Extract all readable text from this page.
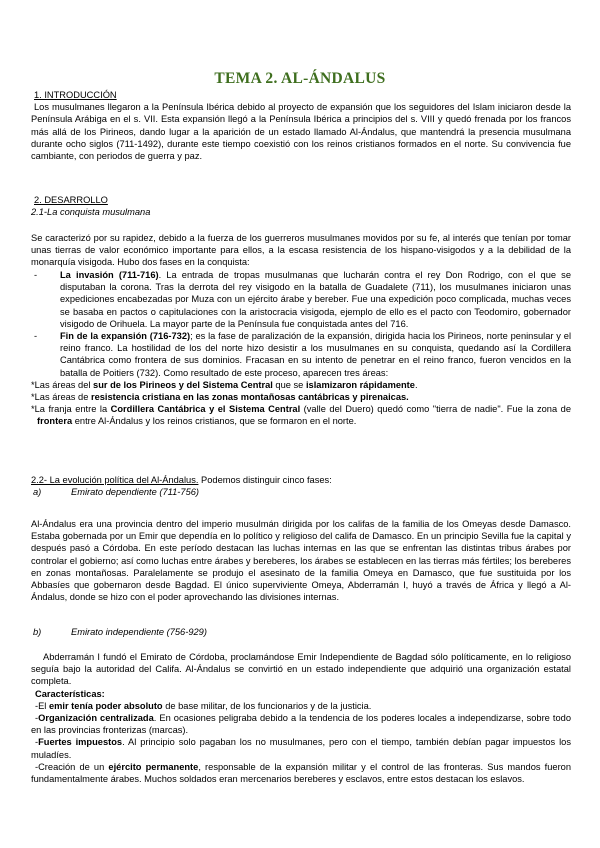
TEMA 2. AL-ÁNDALUS
1. INTRODUCCIÓN

Los musulmanes llegaron a la Península Ibérica debido al proyecto de expansión que los seguidores del Islam iniciaron desde la Península Arábiga en el s. VII. Esta expansión llegó a la Península Ibérica a principios del s. VIII y quedó frenada por los francos más allá de los Pirineos, dando lugar a la aparición de un estado llamado Al-Ándalus, que mantendrá la presencia musulmana durante ocho siglos (711-1492), durante este tiempo coexistió con los reinos cristianos formados en el norte. Su convivencia fue cambiante, con periodos de guerra y paz.

2. DESARROLLO
2.1-La conquista musulmana

Se caracterizó por su rapidez, debido a la fuerza de los guerreros musulmanes movidos por su fe, al interés que tenían por tomar unas tierras de valor económico importante para ellos, a la escasa resistencia de los hispano-visigodos y a la debilidad de la monarquía visigoda. Hubo dos fases en la conquista:

- La invasión (711-716). La entrada de tropas musulmanas que lucharán contra el rey Don Rodrigo, con el que se disputaban la corona. Tras la derrota del rey visigodo en la batalla de Guadalete (711), los musulmanes iniciaron unas expediciones encabezadas por Muza con un ejército árabe y bereber. Fue una expedición poco complicada, muchas veces se basaba en pactos o capitulaciones con la aristocracia visigoda, ejemplo de ello es el pacto con Teodomiro, gobernador visigodo de Orihuela. La mayor parte de la Península fue conquistada antes del 716.

- Fin de la expansión (716-732); es la fase de paralización de la expansión, dirigida hacia los Pirineos, norte peninsular y el reino franco. La hostilidad de los del norte hizo desistir a los musulmanes en su conquista, quedando así la Cordillera Cantábrica como frontera de sus dominios. Fracasan en su intento de penetrar en el reino franco, fueron vencidos en la batalla de Poitiers (732). Como resultado de este proceso, aparecen tres áreas:

*Las áreas del sur de los Pirineos y del Sistema Central que se islamizaron rápidamente.

*Las áreas de resistencia cristiana en las zonas montañosas cantábricas y pirenaicas.

*La franja entre la Cordillera Cantábrica y el Sistema Central (valle del Duero) quedó como "tierra de nadie". Fue la zona de frontera entre Al-Ándalus y los reinos cristianos, que se formaron en el norte.

2.2- La evolución política del Al-Ándalus. Podemos distinguir cinco fases:
a)	Emirato dependiente (711-756)

Al-Ándalus era una provincia dentro del imperio musulmán dirigida por los califas de la familia de los Omeyas desde Damasco. Estaba gobernada por un Emir que dependía en lo político y religioso del califa de Damasco. En un principio Sevilla fue la capital y después pasó a Córdoba. En este período destacan las luchas internas en las que se enfrentan las distintas tribus árabes por controlar el gobierno; así como luchas entre árabes y bereberes, los árabes se establecen en las tierras más fértiles; los bereberes en zonas montañosas. Paralelamente se produjo el asesinato de la familia Omeya en Damasco, que fue sustituida por los Abbasíes que gobernaron desde Bagdad. El único superviviente Omeya, Abderramán I, huyó a través de África y llegó a Al-Ándalus, donde se hizo con el poder aprovechando las divisiones internas.

b)	Emirato independiente (756-929)

Abderramán I fundó el Emirato de Córdoba, proclamándose Emir Independiente de Bagdad sólo políticamente, en lo religioso seguía bajo la autoridad del Califa. Al-Ándalus se convirtió en un estado independiente que adquirió una organización estatal completa.

Características:

-El emir tenía poder absoluto de base militar, de los funcionarios y de la justicia.

-Organización centralizada. En ocasiones peligraba debido a la tendencia de los poderes locales a independizarse, sobre todo en las provincias fronterizas (marcas).

-Fuertes impuestos. Al principio solo pagaban los no musulmanes, pero con el tiempo, también debían pagar impuestos los muladíes.

-Creación de un ejército permanente, responsable de la expansión militar y el control de las fronteras. Sus mandos fueron fundamentalmente árabes. Muchos soldados eran mercenarios bereberes y esclavos, entre estos destacan los eslavos.
